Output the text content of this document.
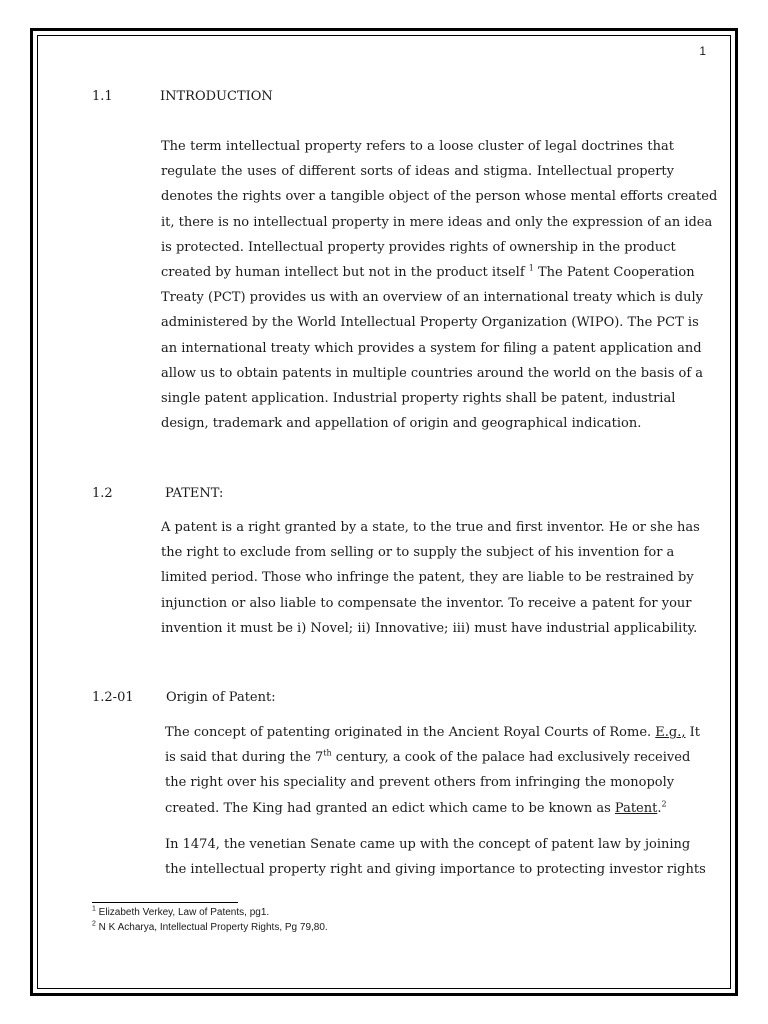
1
1.1	INTRODUCTION
The term intellectual property refers to a loose cluster of legal doctrines that
regulate the uses of different sorts of ideas and stigma. Intellectual property
denotes the rights over a tangible object of the person whose mental efforts created
it, there is no intellectual property in mere ideas and only the expression of an idea
is protected. Intellectual property provides rights of ownership in the product
created by human intellect but not in the product itself $^1$ The Patent Cooperation
Treaty (PCT) provides us with an overview of an international treaty which is duly
administered by the World Intellectual Property Organization (WIPO). The PCT is
an international treaty which provides a system for filing a patent application and
allow us to obtain patents in multiple countries around the world on the basis of a
single patent application. Industrial property rights shall be patent, industrial
design, trademark and appellation of origin and geographical indication.
1.2	PATENT:
A patent is a right granted by a state, to the true and first inventor. He or she has
the right to exclude from selling or to supply the subject of his invention for a
limited period. Those who infringe the patent, they are liable to be restrained by
injunction or also liable to compensate the inventor. To receive a patent for your
invention it must be i) Novel; ii) Innovative; iii) must have industrial applicability.
1.2-01 Origin of Patent:
The concept of patenting originated in the Ancient Royal Courts of Rome. E.g., It
is said that during the 7th century, a cook of the palace had exclusively received
the right over his speciality and prevent others from infringing the monopoly
created. The King had granted an edict which came to be known as Patent.$^2$
In 1474, the venetian Senate came up with the concept of patent law by joining
the intellectual property right and giving importance to protecting investor rights
$^1$ Elizabeth Verkey, Law of Patents, pg1.
$^2$ N K Acharya, Intellectual Property Rights, Pg 79,80.
